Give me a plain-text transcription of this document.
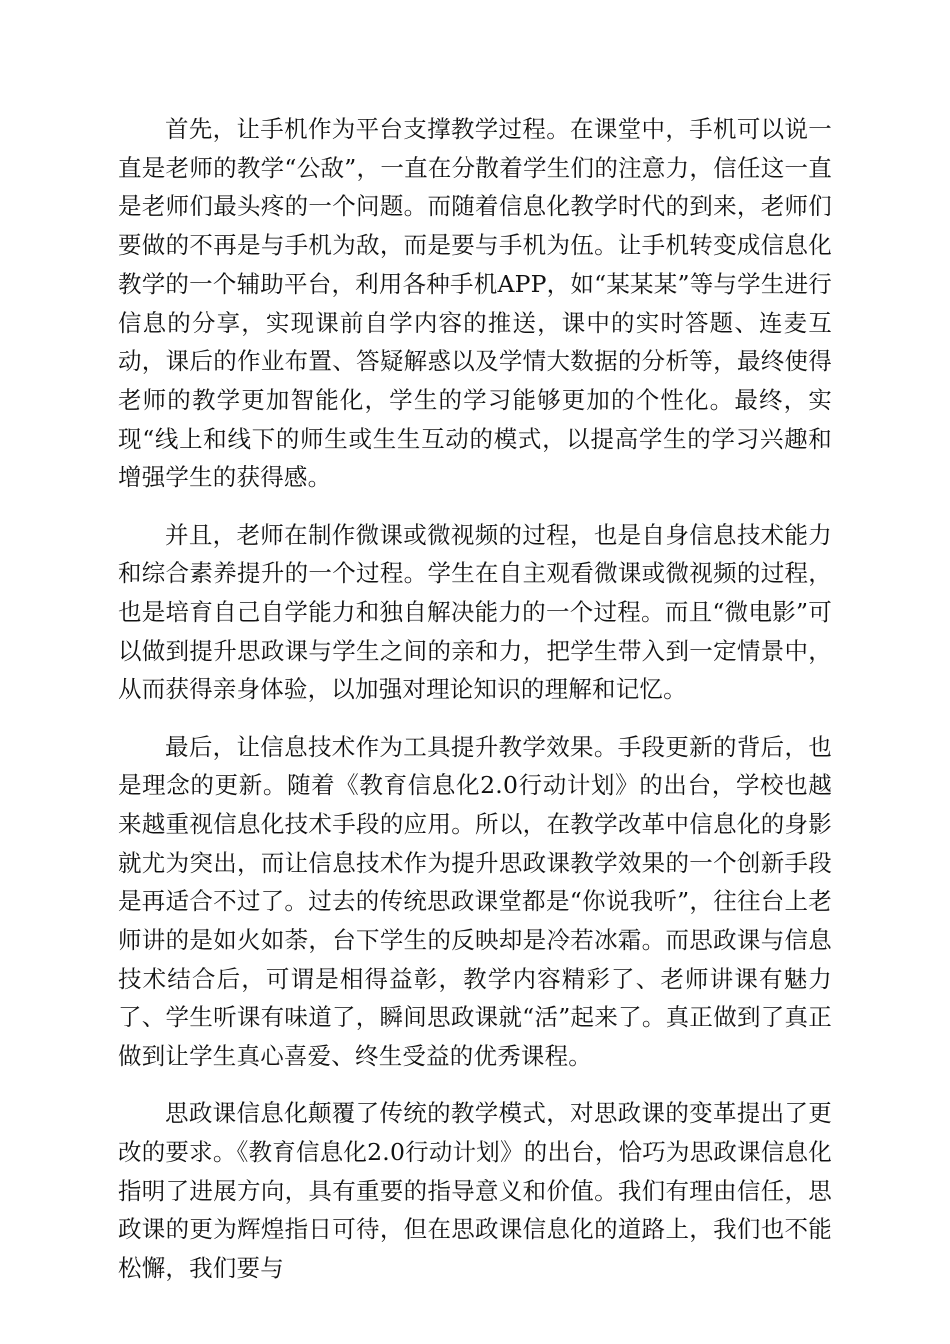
首先，让手机作为平台支撑教学过程。在课堂中，手机可以说一直是老师的教学“公敌”，一直在分散着学生们的注意力，信任这一直是老师们最头疼的一个问题。而随着信息化教学时代的到来，老师们要做的不再是与手机为敌，而是要与手机为伍。让手机转变成信息化教学的一个辅助平台，利用各种手机APP，如“某某某”等与学生进行信息的分享，实现课前自学内容的推送，课中的实时答题、连麦互动，课后的作业布置、答疑解惑以及学情大数据的分析等，最终使得老师的教学更加智能化，学生的学习能够更加的个性化。最终，实现“线上和线下的师生或生生互动的模式，以提高学生的学习兴趣和增强学生的获得感。

并且，老师在制作微课或微视频的过程，也是自身信息技术能力和综合素养提升的一个过程。学生在自主观看微课或微视频的过程，也是培育自己自学能力和独自解决能力的一个过程。而且“微电影”可以做到提升思政课与学生之间的亲和力，把学生带入到一定情景中，从而获得亲身体验，以加强对理论知识的理解和记忆。

最后，让信息技术作为工具提升教学效果。手段更新的背后，也是理念的更新。随着《教育信息化2.0行动计划》的出台，学校也越来越重视信息化技术手段的应用。所以，在教学改革中信息化的身影就尤为突出，而让信息技术作为提升思政课教学效果的一个创新手段是再适合不过了。过去的传统思政课堂都是“你说我听”，往往台上老师讲的是如火如荼，台下学生的反映却是冷若冰霜。而思政课与信息技术结合后，可谓是相得益彰，教学内容精彩了、老师讲课有魅力了、学生听课有味道了，瞬间思政课就“活”起来了。真正做到了真正做到让学生真心喜爱、终生受益的优秀课程。

思政课信息化颠覆了传统的教学模式，对思政课的变革提出了更改的要求。《教育信息化2.0行动计划》的出台，恰巧为思政课信息化指明了进展方向，具有重要的指导意义和价值。我们有理由信任，思政课的更为辉煌指日可待，但在思政课信息化的道路上，我们也不能松懈，我们要与
